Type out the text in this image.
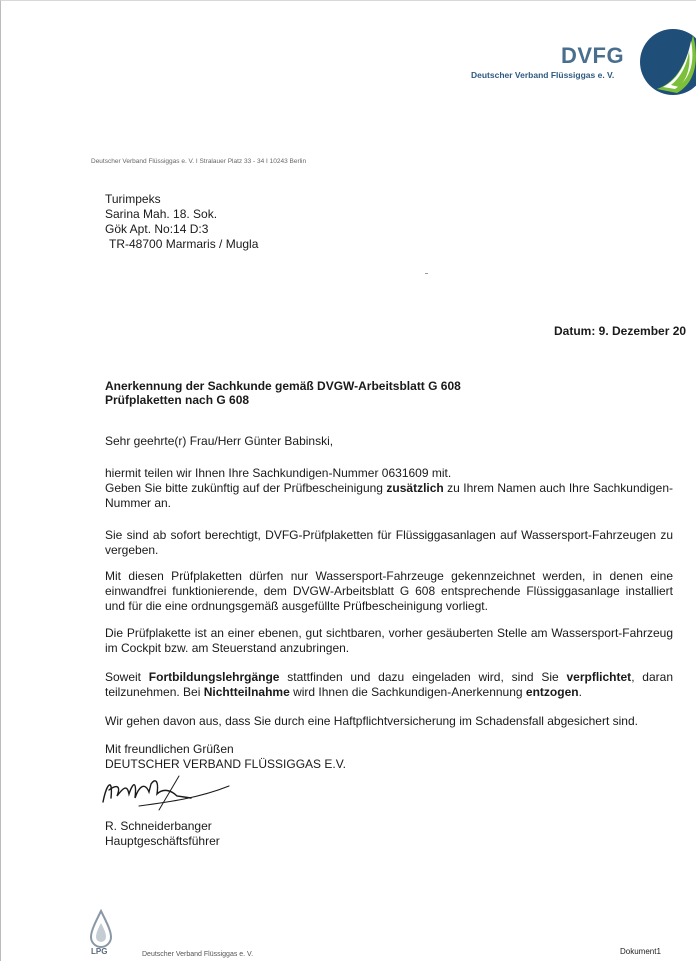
DVFG
Deutscher Verband Flüssiggas e. V.
Deutscher Verband Flüssiggas e. V. I Stralauer Platz 33 - 34 I 10243 Berlin
Turimpeks
Sarina Mah. 18. Sok.
Gök Apt. No:14 D:3
TR-48700 Marmaris / Mugla
Datum: 9. Dezember 20
Anerkennung der Sachkunde gemäß DVGW-Arbeitsblatt G 608
Prüfplaketten nach G 608
Sehr geehrte(r) Frau/Herr Günter Babinski,
hiermit teilen wir Ihnen Ihre Sachkundigen-Nummer 0631609 mit.
Geben Sie bitte zukünftig auf der Prüfbescheinigung zusätzlich zu Ihrem Namen auch Ihre Sachkundigen-Nummer an.
Sie sind ab sofort berechtigt, DVFG-Prüfplaketten für Flüssiggasanlagen auf Wassersport-Fahrzeugen zu vergeben.
Mit diesen Prüfplaketten dürfen nur Wassersport-Fahrzeuge gekennzeichnet werden, in denen eine einwandfrei funktionierende, dem DVGW-Arbeitsblatt G 608 entsprechende Flüssiggasanlage installiert und für die eine ordnungsgemäß ausgefüllte Prüfbescheinigung vorliegt.
Die Prüfplakette ist an einer ebenen, gut sichtbaren, vorher gesäuberten Stelle am Wassersport-Fahrzeug im Cockpit bzw. am Steuerstand anzubringen.
Soweit Fortbildungslehrgänge stattfinden und dazu eingeladen wird, sind Sie verpflichtet, daran teilzunehmen. Bei Nichtteilnahme wird Ihnen die Sachkundigen-Anerkennung entzogen.
Wir gehen davon aus, dass Sie durch eine Haftpflichtversicherung im Schadensfall abgesichert sind.
Mit freundlichen Grüßen
DEUTSCHER VERBAND FLÜSSIGGAS E.V.
R. Schneiderbanger
Hauptgeschäftsführer
LPG	Deutscher Verband Flüssiggas e. V.	Dokument1
